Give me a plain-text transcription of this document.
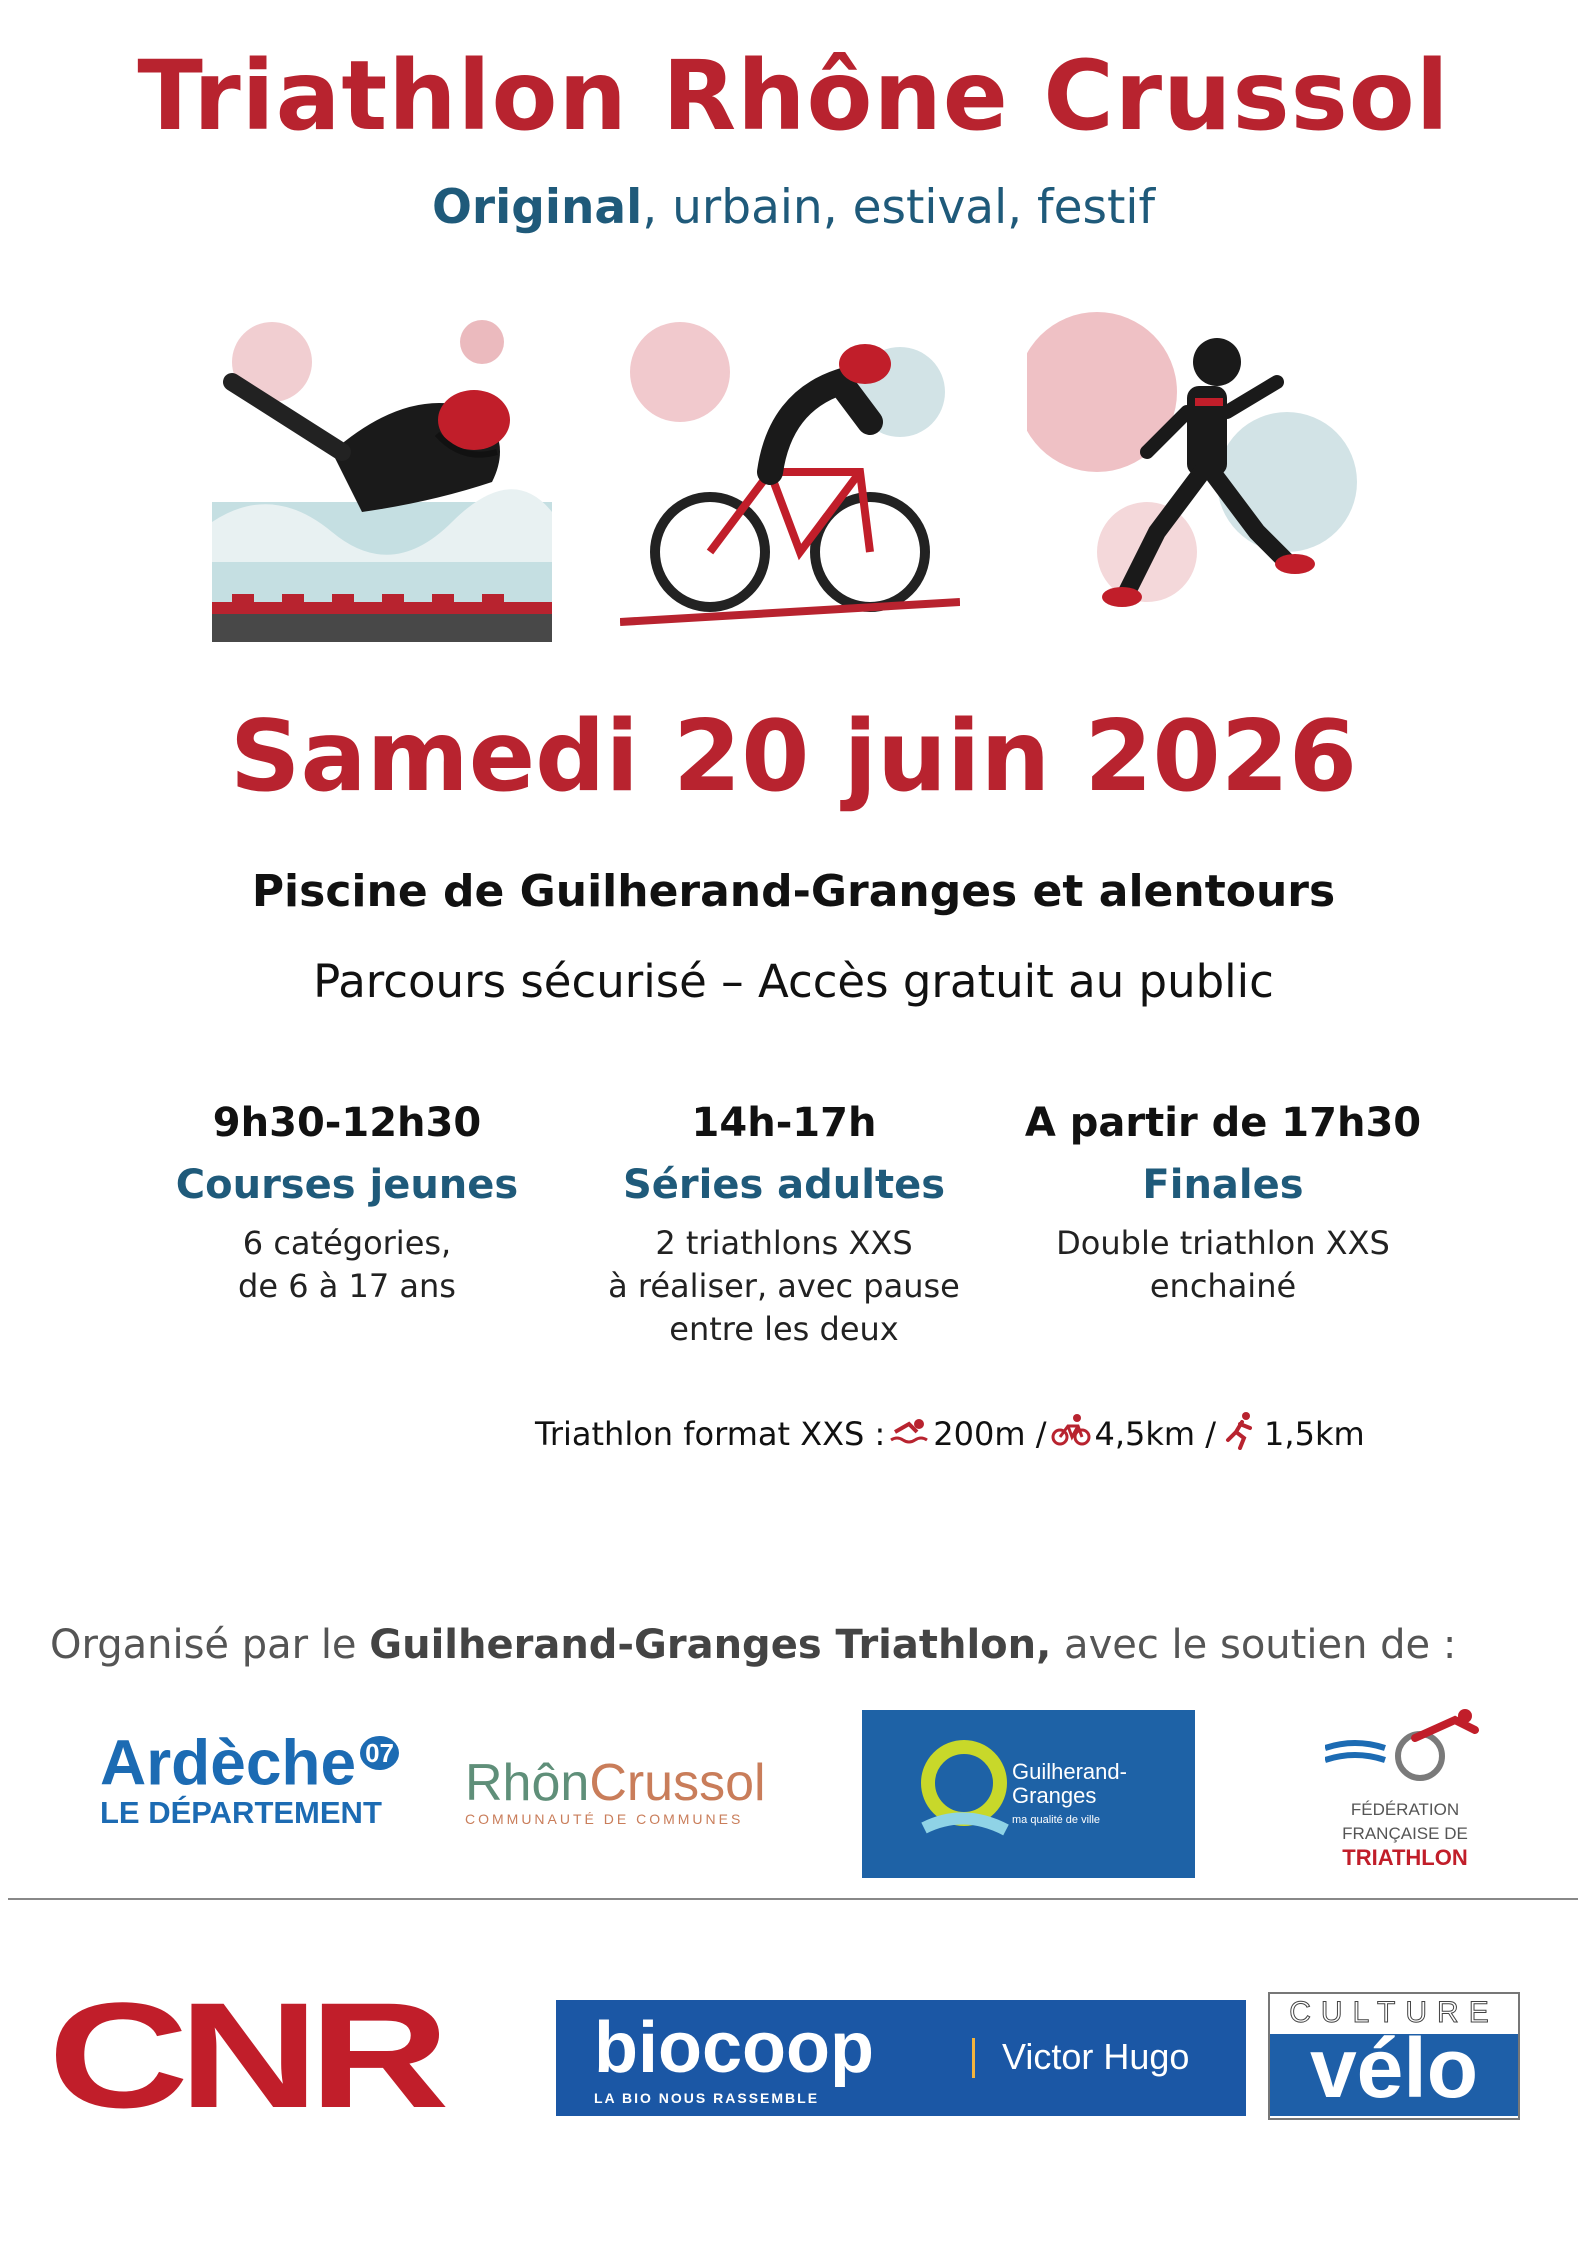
Triathlon Rhône Crussol
Original, urbain, estival, festif
Samedi 20 juin 2026
Piscine de Guilherand-Granges et alentours
Parcours sécurisé – Accès gratuit au public
9h30-12h30
Courses jeunes
6 catégories,
de 6 à 17 ans
14h-17h
Séries adultes
2 triathlons XXS
à réaliser, avec pause
entre les deux
A partir de 17h30
Finales
Double triathlon XXS
enchainé
Triathlon format XXS : 200m / 4,5km / 1,5km
Organisé par le Guilherand-Granges Triathlon, avec le soutien de :
Ardèche $^{07}$
LE DÉPARTEMENT
RhônCrussol
COMMUNAUTÉ DE COMMUNES
Guilherand-
Granges
ma qualité de ville
FÉDÉRATION
FRANÇAISE DE
TRIATHLON
CNR	biocoop
LA BIO NOUS RASSEMBLE
Victor Hugo
CULTURE
vélo
